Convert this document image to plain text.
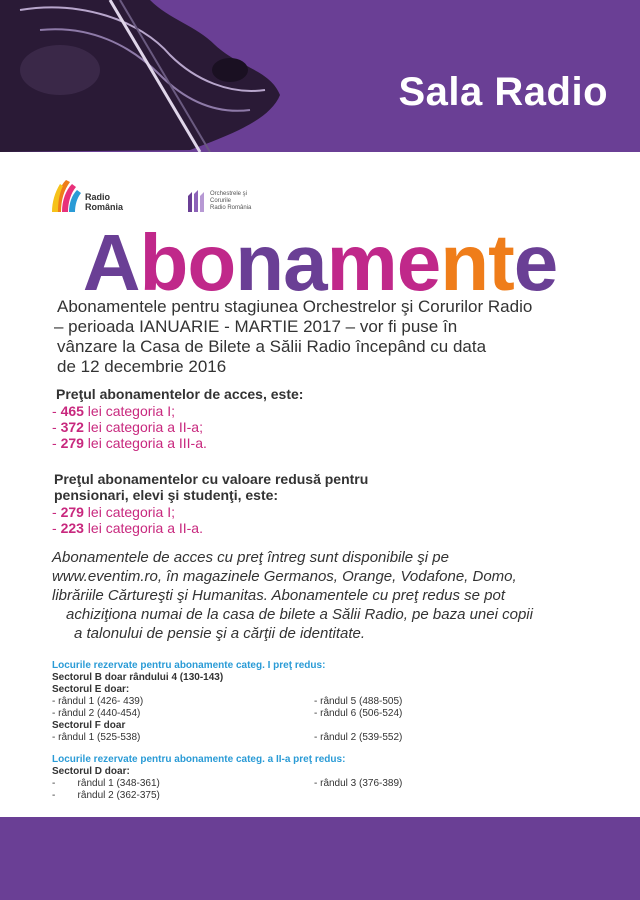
Sala Radio
Radio
România
Orchestrele şi
Corurile
Radio România
Abonamente
Abonamentele pentru stagiunea Orchestrelor şi Corurilor Radio
– perioada IANUARIE - MARTIE 2017 – vor fi puse în
vânzare la Casa de Bilete a Sălii Radio începând cu data
de 12 decembrie 2016
Preţul abonamentelor de acces, este:
- 465 lei categoria I;
- 372 lei categoria a II-a;
- 279 lei categoria a III-a.
Preţul abonamentelor cu valoare redusă pentru
pensionari, elevi şi studenţi, este:
- 279 lei categoria I;
- 223 lei categoria a II-a.
Abonamentele de acces cu preţ întreg sunt disponibile şi pe
www.eventim.ro, în magazinele Germanos, Orange, Vodafone, Domo,
librăriile Cărtureşti şi Humanitas. Abonamentele cu preţ redus se pot
achiziţiona numai de la casa de bilete a Sălii Radio, pe baza unei copii
a talonului de pensie şi a cărţii de identitate.
Locurile rezervate pentru abonamente categ. I preţ redus:
Sectorul B doar rândului 4 (130-143)
Sectorul E doar:
- rândul 1 (426- 439)	- rândul 5 (488-505)
- rândul 2 (440-454)	- rândul 6 (506-524)
Sectorul F doar
- rândul 1 (525-538)	- rândul 2 (539-552)
Locurile rezervate pentru abonamente categ. a II-a preţ redus:
Sectorul D doar:
-        rândul 1 (348-361)	- rândul 3 (376-389)
-        rândul 2 (362-375)
